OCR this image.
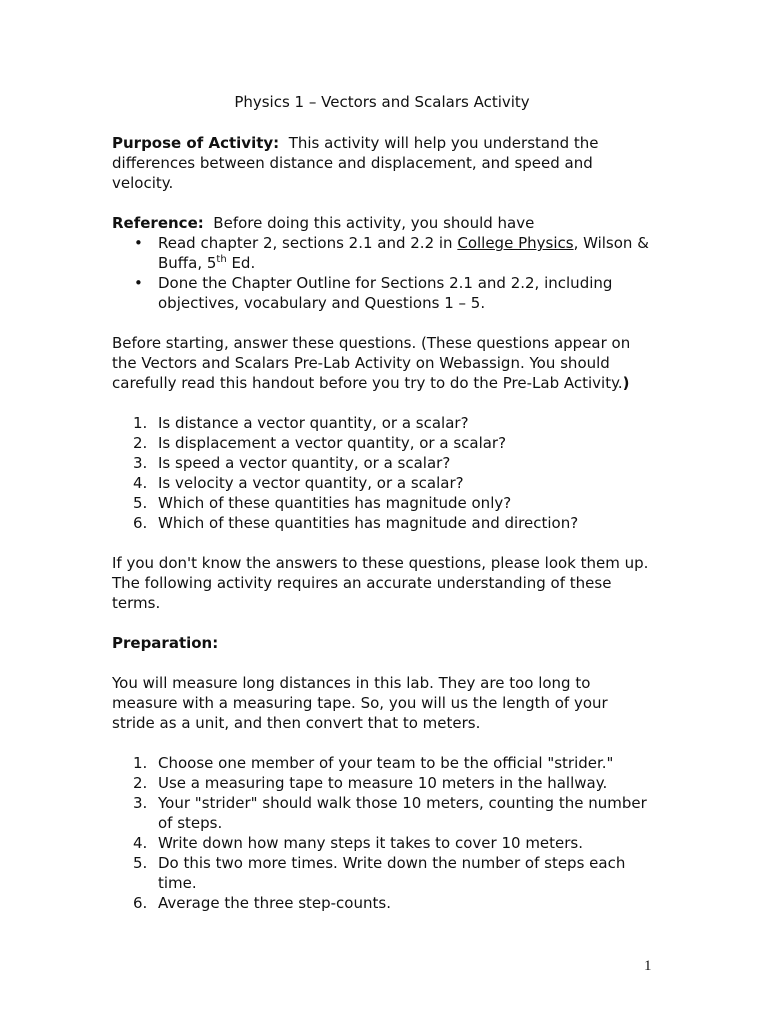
Physics 1 – Vectors and Scalars Activity

Purpose of Activity: This activity will help you understand the differences between distance and displacement, and speed and velocity.

Reference: Before doing this activity, you should have

• Read chapter 2, sections 2.1 and 2.2 in College Physics, Wilson & Buffa, 5th Ed.
• Done the Chapter Outline for Sections 2.1 and 2.2, including objectives, vocabulary and Questions 1 – 5.

Before starting, answer these questions. (These questions appear on the Vectors and Scalars Pre-Lab Activity on Webassign. You should carefully read this handout before you try to do the Pre-Lab Activity.)

1. Is distance a vector quantity, or a scalar?
2. Is displacement a vector quantity, or a scalar?
3. Is speed a vector quantity, or a scalar?
4. Is velocity a vector quantity, or a scalar?
5. Which of these quantities has magnitude only?
6. Which of these quantities has magnitude and direction?

If you don't know the answers to these questions, please look them up. The following activity requires an accurate understanding of these terms.

Preparation:

You will measure long distances in this lab. They are too long to measure with a measuring tape. So, you will us the length of your stride as a unit, and then convert that to meters.

1. Choose one member of your team to be the official "strider."
2. Use a measuring tape to measure 10 meters in the hallway.
3. Your "strider" should walk those 10 meters, counting the number of steps.
4. Write down how many steps it takes to cover 10 meters.
5. Do this two more times. Write down the number of steps each time.
6. Average the three step-counts.
1
